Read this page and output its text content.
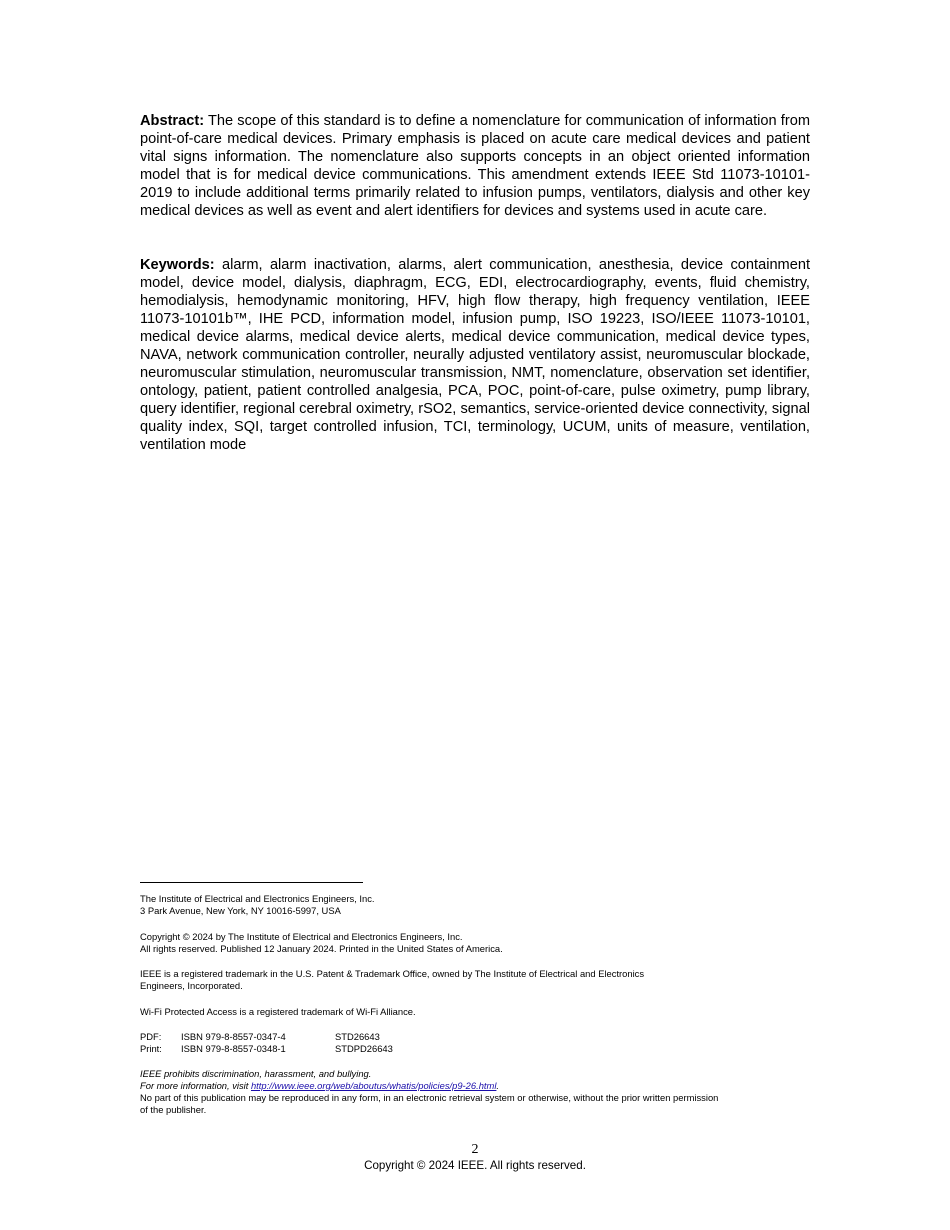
Abstract: The scope of this standard is to define a nomenclature for communication of information from point-of-care medical devices. Primary emphasis is placed on acute care medical devices and patient vital signs information. The nomenclature also supports concepts in an object oriented information model that is for medical device communications. This amendment extends IEEE Std 11073-10101-2019 to include additional terms primarily related to infusion pumps, ventilators, dialysis and other key medical devices as well as event and alert identifiers for devices and systems used in acute care.

Keywords: alarm, alarm inactivation, alarms, alert communication, anesthesia, device containment model, device model, dialysis, diaphragm, ECG, EDI, electrocardiography, events, fluid chemistry, hemodialysis, hemodynamic monitoring, HFV, high flow therapy, high frequency ventilation, IEEE 11073-10101b™, IHE PCD, information model, infusion pump, ISO 19223, ISO/IEEE 11073-10101, medical device alarms, medical device alerts, medical device communication, medical device types, NAVA, network communication controller, neurally adjusted ventilatory assist, neuromuscular blockade, neuromuscular stimulation, neuromuscular transmission, NMT, nomenclature, observation set identifier, ontology, patient, patient controlled analgesia, PCA, POC, point-of-care, pulse oximetry, pump library, query identifier, regional cerebral oximetry, rSO2, semantics, service-oriented device connectivity, signal quality index, SQI, target controlled infusion, TCI, terminology, UCUM, units of measure, ventilation, ventilation mode

The Institute of Electrical and Electronics Engineers, Inc.

3 Park Avenue, New York, NY 10016-5997, USA

Copyright © 2024 by The Institute of Electrical and Electronics Engineers, Inc.

All rights reserved. Published 12 January 2024. Printed in the United States of America.

IEEE is a registered trademark in the U.S. Patent & Trademark Office, owned by The Institute of Electrical and Electronics

Engineers, Incorporated.

Wi-Fi Protected Access is a registered trademark of Wi-Fi Alliance.

PDF:	ISBN 979-8-8557-0347-4	STD26643
Print:	ISBN 979-8-8557-0348-1	STDPD26643

IEEE prohibits discrimination, harassment, and bullying.

For more information, visit http://www.ieee.org/web/aboutus/whatis/policies/p9-26.html.

No part of this publication may be reproduced in any form, in an electronic retrieval system or otherwise, without the prior written permission

of the publisher.

2
Copyright © 2024 IEEE. All rights reserved.
